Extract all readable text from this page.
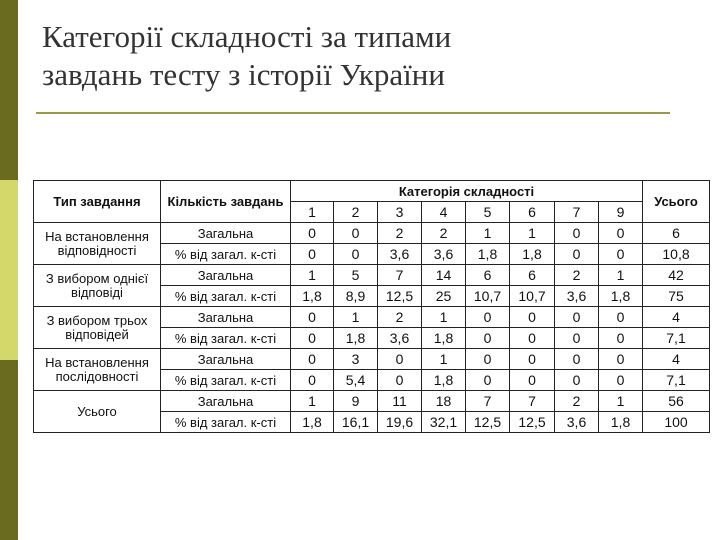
Категорії складності за типами
завдань тесту з історії України
Тип завдання	Кількість завдань	Категорія складності								Усього
		1	2	3	4	5	6	7	9	
На встановлення відповідності	Загальна	0	0	2	2	1	1	0	0	6
	% від загал. к-сті	0	0	3,6	3,6	1,8	1,8	0	0	10,8
З вибором однієї відповіді	Загальна	1	5	7	14	6	6	2	1	42
	% від загал. к-сті	1,8	8,9	12,5	25	10,7	10,7	3,6	1,8	75
З вибором трьох відповідей	Загальна	0	1	2	1	0	0	0	0	4
	% від загал. к-сті	0	1,8	3,6	1,8	0	0	0	0	7,1
На встановлення послідовності	Загальна	0	3	0	1	0	0	0	0	4
	% від загал. к-сті	0	5,4	0	1,8	0	0	0	0	7,1
Усього	Загальна	1	9	11	18	7	7	2	1	56
	% від загал. к-сті	1,8	16,1	19,6	32,1	12,5	12,5	3,6	1,8	100
